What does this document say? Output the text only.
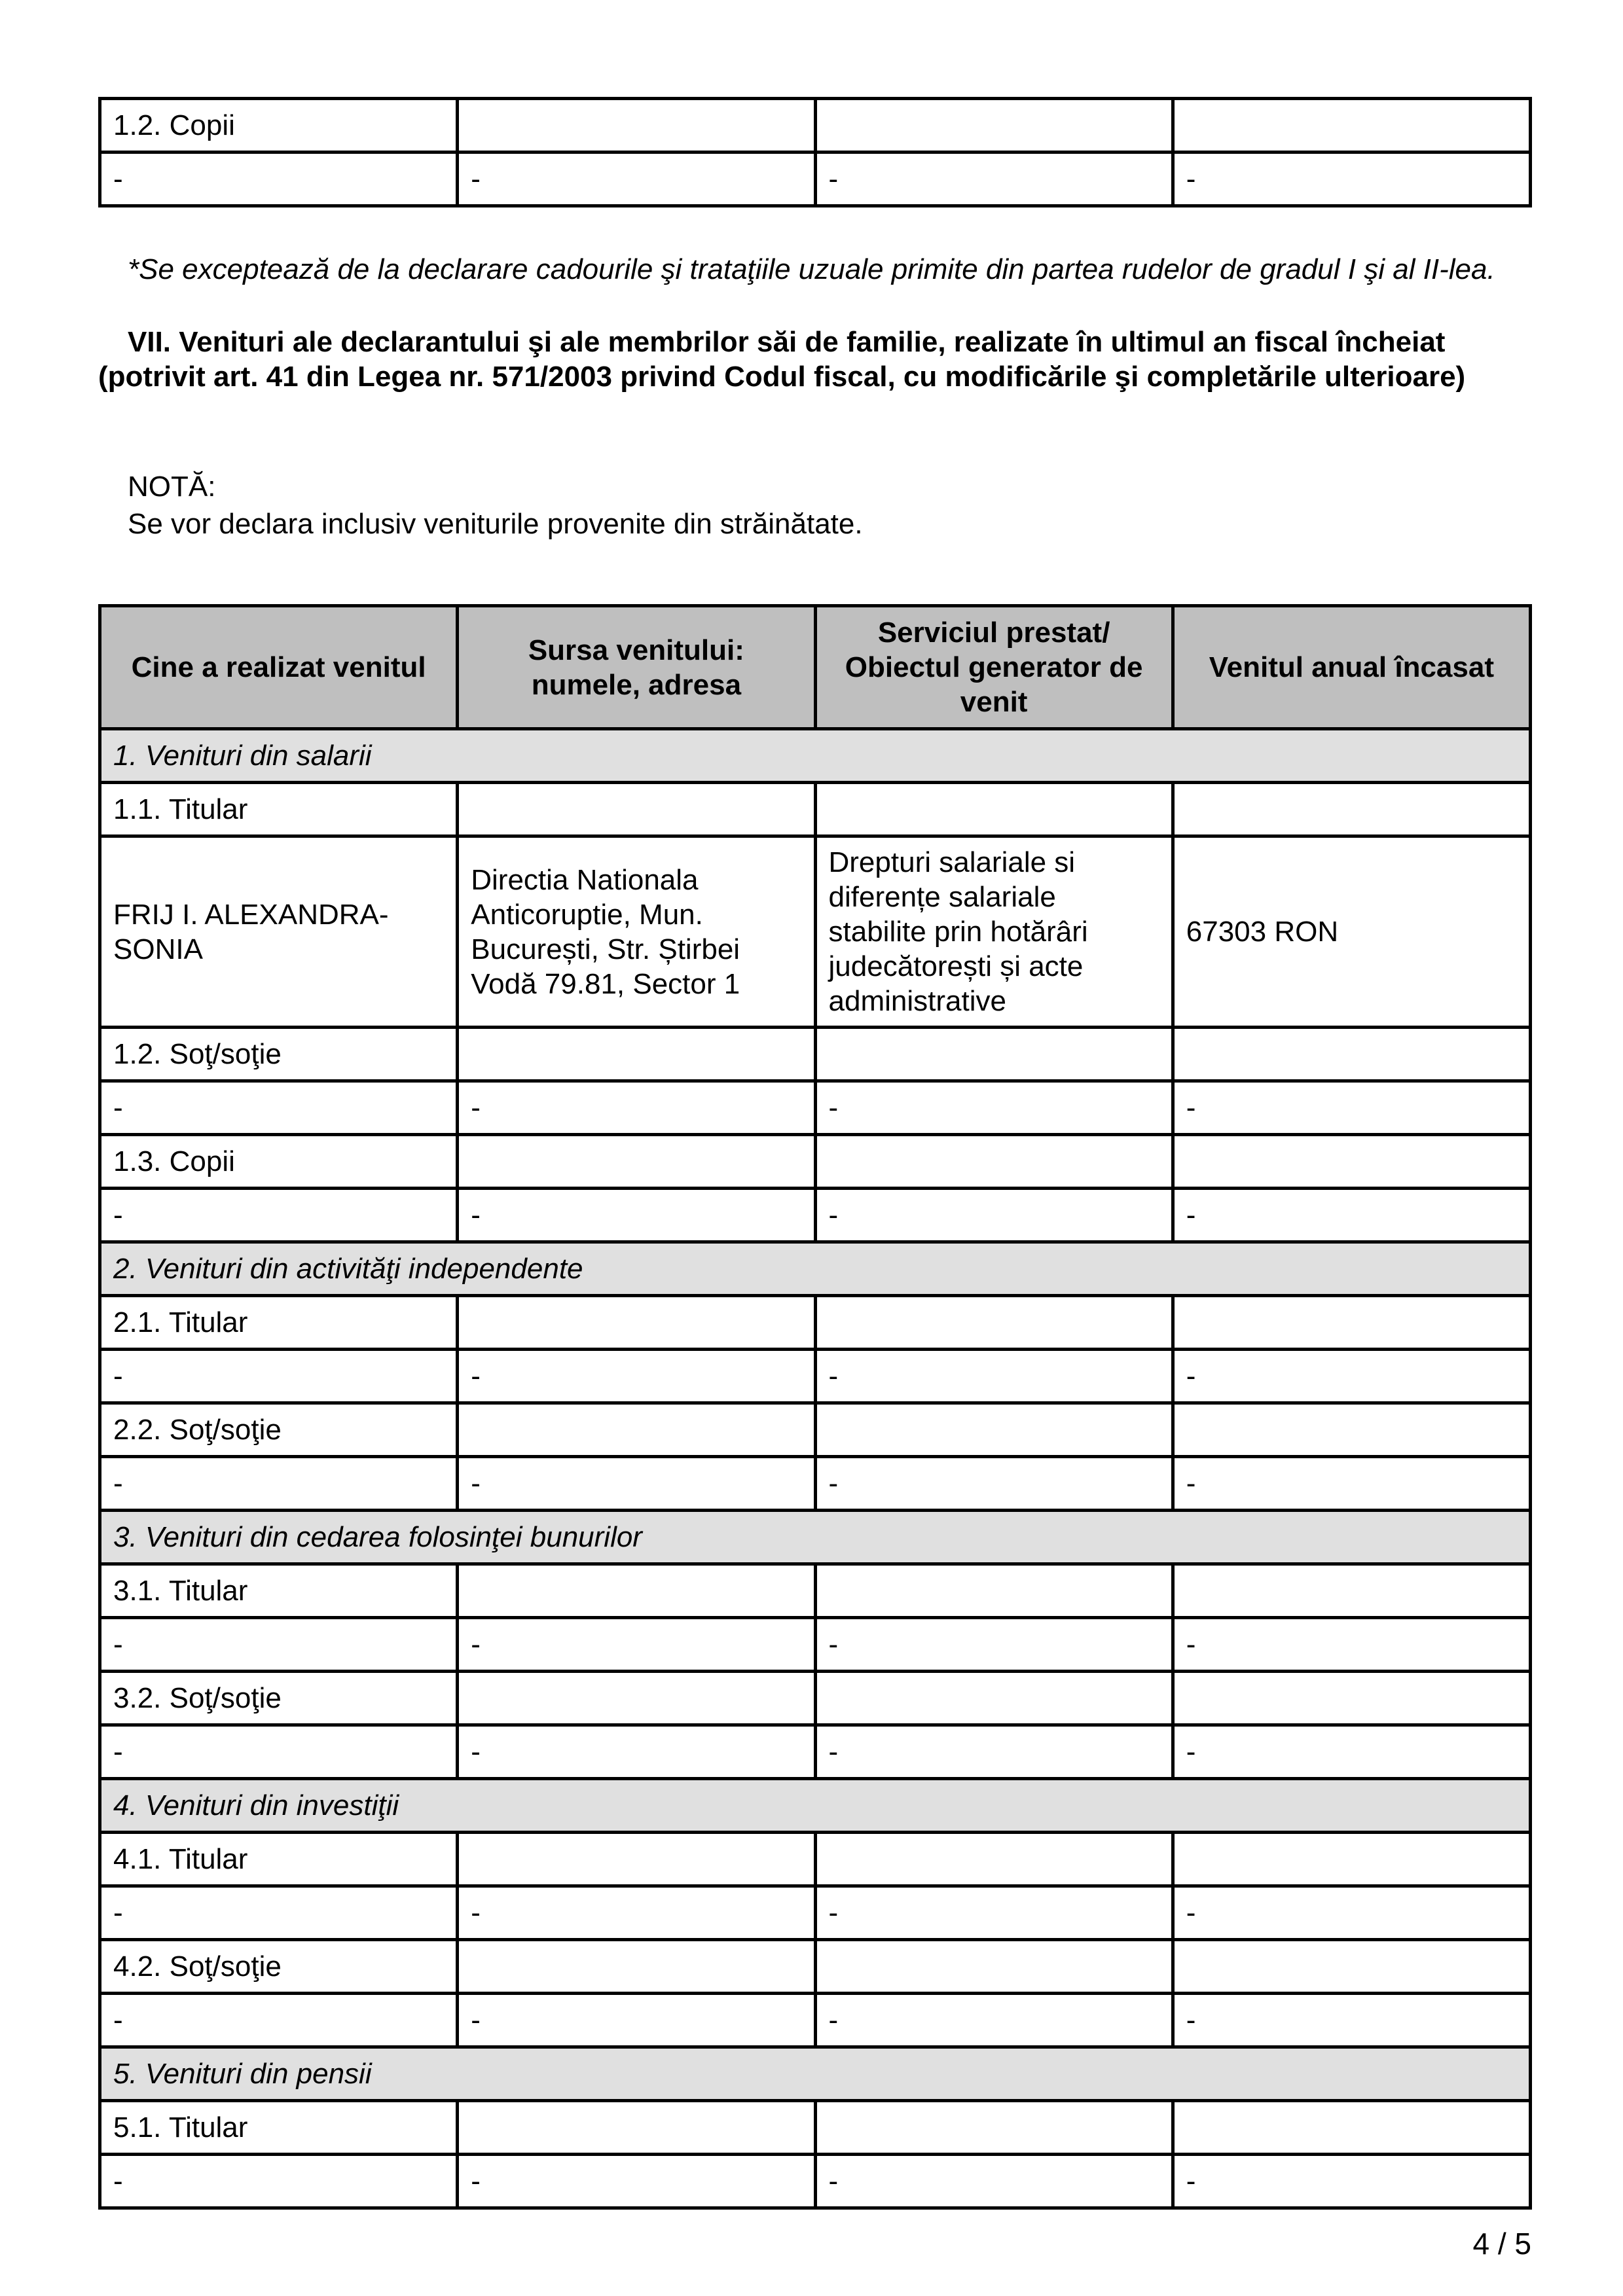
1.2. Copii			
-	-	-	-
*Se exceptează de la declarare cadourile şi trataţiile uzuale primite din partea rudelor de gradul I şi al II-lea.
VII. Venituri ale declarantului şi ale membrilor săi de familie, realizate în ultimul an fiscal încheiat (potrivit art. 41 din Legea nr. 571/2003 privind Codul fiscal, cu modificările şi completările ulterioare)
NOTĂ:
Se vor declara inclusiv veniturile provenite din străinătate.
Cine a realizat venitul	Sursa venitului: numele, adresa	Serviciul prestat/ Obiectul generator de venit	Venitul anual încasat
1. Venituri din salarii			
1.1. Titular			
FRIJ I. ALEXANDRA-SONIA	Directia Nationala Anticoruptie, Mun. București, Str. Știrbei Vodă 79.81, Sector 1	Drepturi salariale si diferențe salariale stabilite prin hotărâri judecătorești și acte administrative	67303 RON
1.2. Soţ/soţie			
-	-	-	-
1.3. Copii			
-	-	-	-
2. Venituri din activităţi independente			
2.1. Titular			
-	-	-	-
2.2. Soţ/soţie			
-	-	-	-
3. Venituri din cedarea folosinţei bunurilor			
3.1. Titular			
-	-	-	-
3.2. Soţ/soţie			
-	-	-	-
4. Venituri din investiţii			
4.1. Titular			
-	-	-	-
4.2. Soţ/soţie			
-	-	-	-
5. Venituri din pensii			
5.1. Titular			
-	-	-	-
4 / 5
